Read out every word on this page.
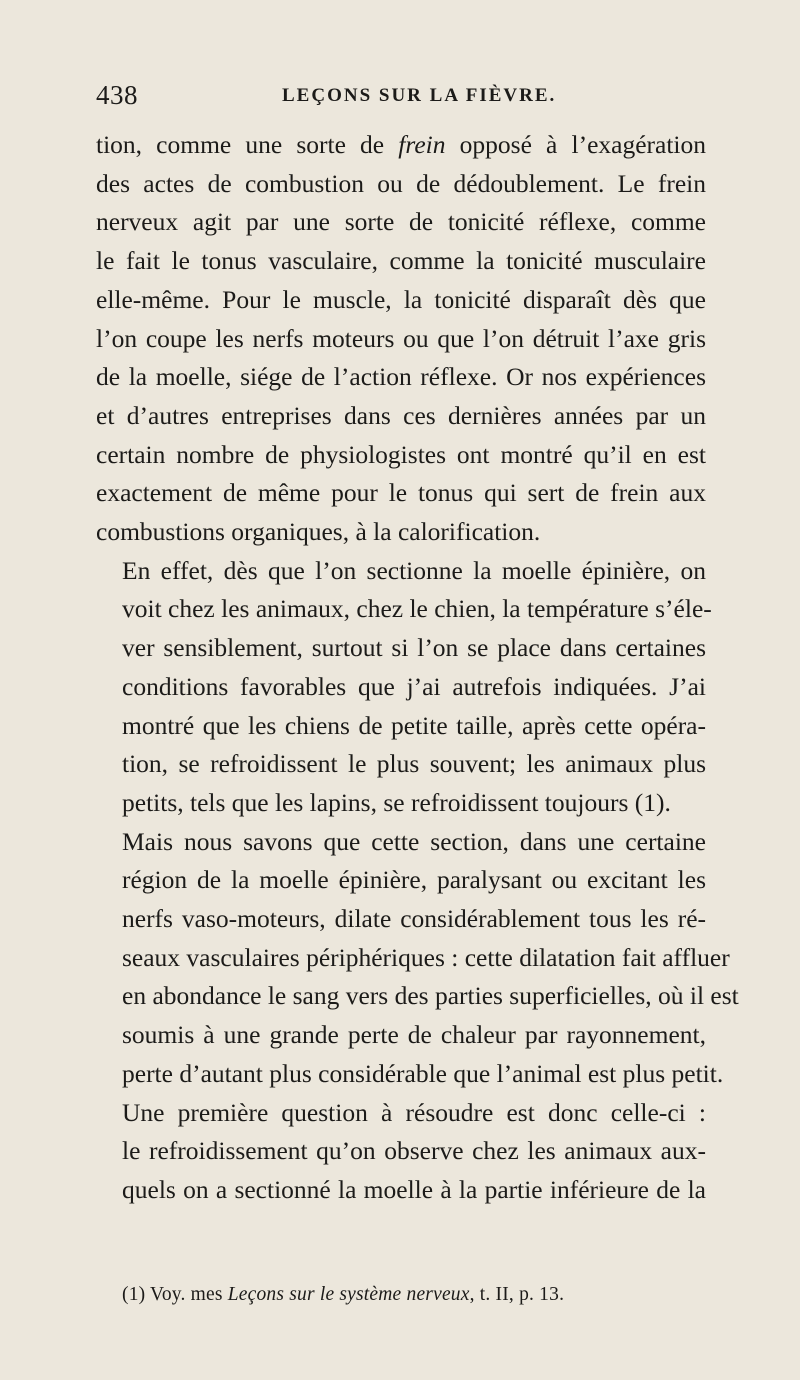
438	LEÇONS SUR LA FIÈVRE.

tion, comme une sorte de frein opposé à l’exagération
des actes de combustion ou de dédoublement. Le frein
nerveux agit par une sorte de tonicité réflexe, comme
le fait le tonus vasculaire, comme la tonicité musculaire
elle-même. Pour le muscle, la tonicité disparaît dès que
l’on coupe les nerfs moteurs ou que l’on détruit l’axe gris
de la moelle, siége de l’action réflexe. Or nos expériences
et d’autres entreprises dans ces dernières années par un
certain nombre de physiologistes ont montré qu’il en est
exactement de même pour le tonus qui sert de frein aux
combustions organiques, à la calorification.

En effet, dès que l’on sectionne la moelle épinière, on
voit chez les animaux, chez le chien, la température s’éle-
ver sensiblement, surtout si l’on se place dans certaines
conditions favorables que j’ai autrefois indiquées. J’ai
montré que les chiens de petite taille, après cette opéra-
tion, se refroidissent le plus souvent; les animaux plus
petits, tels que les lapins, se refroidissent toujours (1).

Mais nous savons que cette section, dans une certaine
région de la moelle épinière, paralysant ou excitant les
nerfs vaso-moteurs, dilate considérablement tous les ré-
seaux vasculaires périphériques : cette dilatation fait affluer
en abondance le sang vers des parties superficielles, où il est
soumis à une grande perte de chaleur par rayonnement,
perte d’autant plus considérable que l’animal est plus petit.

Une première question à résoudre est donc celle-ci :
le refroidissement qu’on observe chez les animaux aux-
quels on a sectionné la moelle à la partie inférieure de la

(1) Voy. mes Leçons sur le système nerveux, t. II, p. 13.
